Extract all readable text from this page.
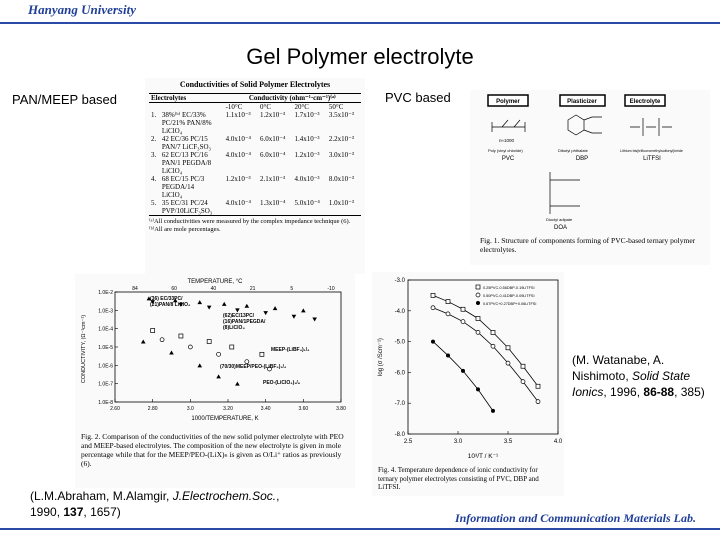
Hanyang University
Gel Polymer electrolyte
PAN/MEEP based
Conductivities of Solid Polymer Electrolytes
Electrolytes		Conductivity (ohm⁻¹·cm⁻¹)⁽ᵃ⁾			
		-10°C	0°C	20°C	50°C
1.	38%⁽ᵇ⁾ EC/33%
PC/21% PAN/8%
LiClO₄	1.1x10⁻³	1.2x10⁻³	1.7x10⁻³	3.5x10⁻³
2.	42 EC/36 PC/15
PAN/7 LiCF₃SO₃	4.0x10⁻⁴	6.0x10⁻⁴	1.4x10⁻³	2.2x10⁻³
3.	62 EC/13 PC/16
PAN/1 PEGDA/8
LiClO₄	4.0x10⁻⁴	6.0x10⁻⁴	1.2x10⁻³	3.0x10⁻³
4.	68 EC/15 PC/3
PEGDA/14
LiClO₄	1.2x10⁻³	2.1x10⁻³	4.0x10⁻³	8.0x10⁻³
5.	35 EC/31 PC/24
PVP/10LiCF₃SO₃	4.0x10⁻⁴	1.3x10⁻⁴	5.0x10⁻⁴	1.0x10⁻³
⁽ᵃ⁾All conductivities were measured by the complex impedance technique (6).
⁽ᵇ⁾All are mole percentages.
TEMPERATURE, °C
CONDUCTIVITY, (Ω⁻¹cm⁻¹)
1000/TEMPERATURE, K
1.0E-2
1.0E-3
1.0E-4
1.0E-5
1.0E-6
1.0E-7
1.0E-8
2.60	2.80	3.0	3.20	3.40	3.60	3.80
84	60	40	21	5	-10
(36) EC/33PC/
(21)PAN/8 LiClO₄
(62)EC/13PC/
(16)PAN/1PEGDA/
(8)LiClO₄
MEEP-(LiBF₄)₁/₄
(70/30)MEEP/PEO-(LiBF₄)₁/₄
PEO-(LiClO₄)₁/₈
Fig. 2. Comparison of the conductivities of the new solid polymer electrolyte with PEO and MEEP-based electrolytes. The composition of the new electrolyte is given in mole percentage while that for the MEEP/PEO-(LiX)ₙ is given as O/Li⁺ ratios as previously (6).
(L.M.Abraham, M.Alamgir, J.Electrochem.Soc.,
1990, 137, 1657)
PVC based	Polymer	Plasticizer	Electrolyte
n≈1000
Poly (vinyl chloride)
PVC
Dibutyl phthalate
DBP
Lithium bis(trifluoromethylsulfonyl)imide
LiTFSI
Dioctyl adipate
DOA
Fig. 1. Structure of components forming of PVC-based ternary polymer electrolytes.
log (σ /Scm⁻¹)
10³/T / K⁻¹
-3.0
-4.0
-5.0
-6.0
-7.0
-8.0
2.5	3.0	3.5	4.0
0.25PVC-0.56DBP-0.19LiTFSI
0.50PVC-0.41DBP-0.09LiTFSI
0.67PVC+0.27DBP+0.06LiTFSI
Fig. 4. Temperature dependence of ionic conductivity for ternary polymer electrolytes consisting of PVC, DBP and LiTFSI.
(M. Watanabe, A. Nishimoto, Solid State Ionics, 1996, 86-88, 385)
Information and Communication Materials Lab.
